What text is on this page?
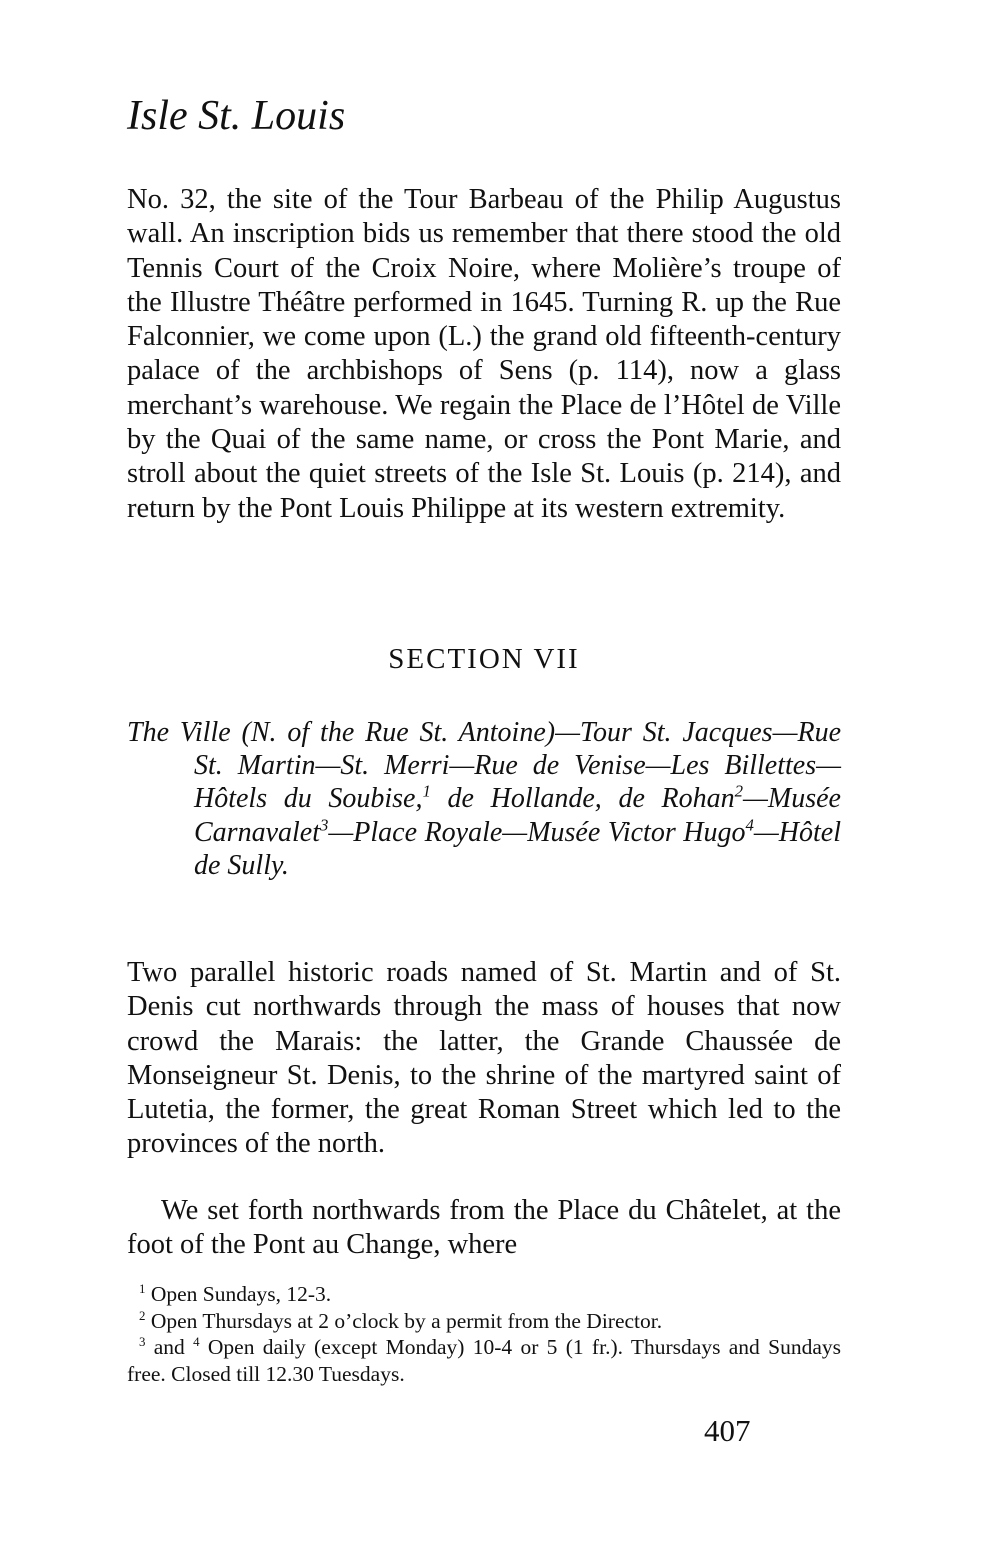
Isle St. Louis

No. 32, the site of the Tour Barbeau of the Philip Augustus wall. An inscription bids us remember that there stood the old Tennis Court of the Croix Noire, where Molière’s troupe of the Illustre Théâtre performed in 1645. Turning R. up the Rue Falconnier, we come upon (L.) the grand old fifteenth-century palace of the archbishops of Sens (p. 114), now a glass merchant’s warehouse. We regain the Place de l’Hôtel de Ville by the Quai of the same name, or cross the Pont Marie, and stroll about the quiet streets of the Isle St. Louis (p. 214), and return by the Pont Louis Philippe at its western extremity.

SECTION VII

The Ville (N. of the Rue St. Antoine)—Tour St. Jacques—Rue St. Martin—St. Merri—Rue de Venise—Les Billettes—Hôtels du Soubise,$^1$ de Hollande, de Rohan$^2$—Musée Carnavalet$^3$—Place Royale—Musée Victor Hugo$^4$—Hôtel de Sully.

Two parallel historic roads named of St. Martin and of St. Denis cut northwards through the mass of houses that now crowd the Marais: the latter, the Grande Chaussée de Monseigneur St. Denis, to the shrine of the martyred saint of Lutetia, the former, the great Roman Street which led to the provinces of the north.

We set forth northwards from the Place du Châtelet, at the foot of the Pont au Change, where

$^1$ Open Sundays, 12-3.

$^2$ Open Thursdays at 2 o’clock by a permit from the Director.

$^3$ and $^4$ Open daily (except Monday) 10-4 or 5 (1 fr.). Thursdays and Sundays free. Closed till 12.30 Tuesdays.

407
